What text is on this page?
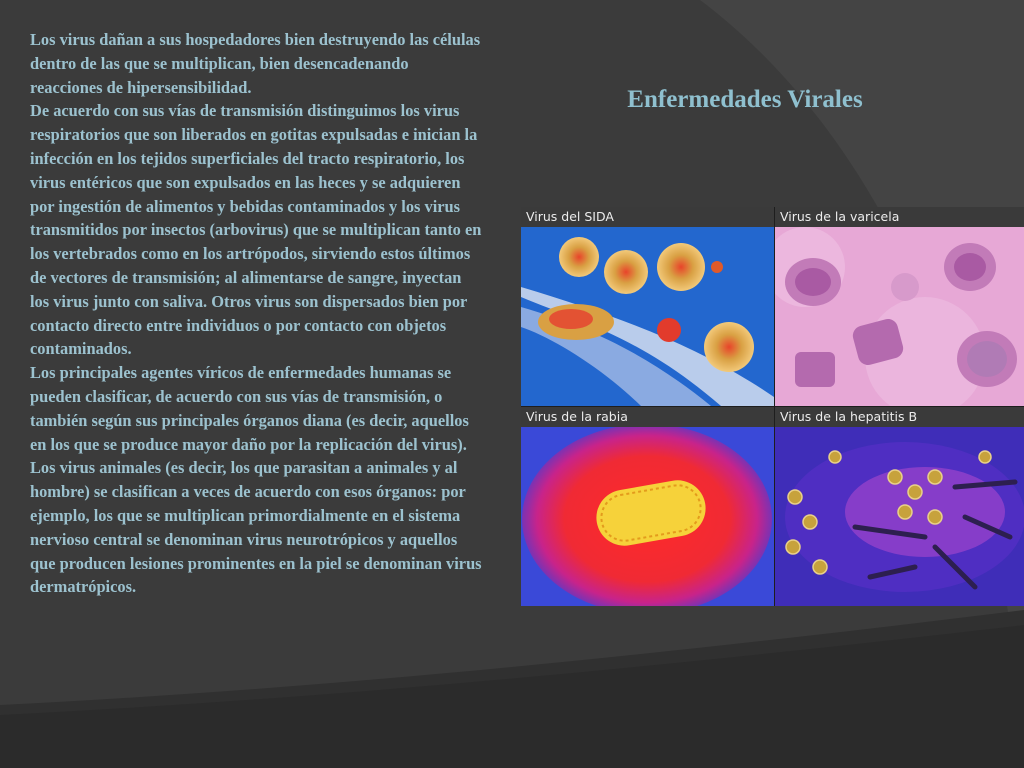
Los virus dañan a sus hospedadores bien destruyendo las células dentro de las que se multiplican, bien desencadenando reacciones de hipersensibilidad.

De acuerdo con sus vías de transmisión distinguimos los virus respiratorios que son liberados en gotitas expulsadas e inician la infección en los tejidos superficiales del tracto respiratorio, los virus entéricos que son expulsados en las heces y se adquieren por ingestión de alimentos y bebidas contaminados y los virus transmitidos por insectos (arbovirus) que se multiplican tanto en los vertebrados como en los artrópodos, sirviendo estos últimos de vectores de transmisión; al alimentarse de sangre, inyectan los virus junto con saliva. Otros virus son dispersados bien por contacto directo entre individuos o por contacto con objetos contaminados.

Los principales agentes víricos de enfermedades humanas se pueden clasificar, de acuerdo con sus vías de transmisión, o también según sus principales órganos diana (es decir, aquellos en los que se produce mayor daño por la replicación del virus). Los virus animales (es decir, los que parasitan a animales y al hombre) se clasifican a veces de acuerdo con esos órganos: por ejemplo, los que se multiplican primordialmente en el sistema nervioso central se denominan virus neurotrópicos y aquellos que producen lesiones prominentes en la piel se denominan virus dermatrópicos.

Enfermedades Virales
Virus del SIDA	Virus de la varicela
Virus de la rabia	Virus de la hepatitis B
